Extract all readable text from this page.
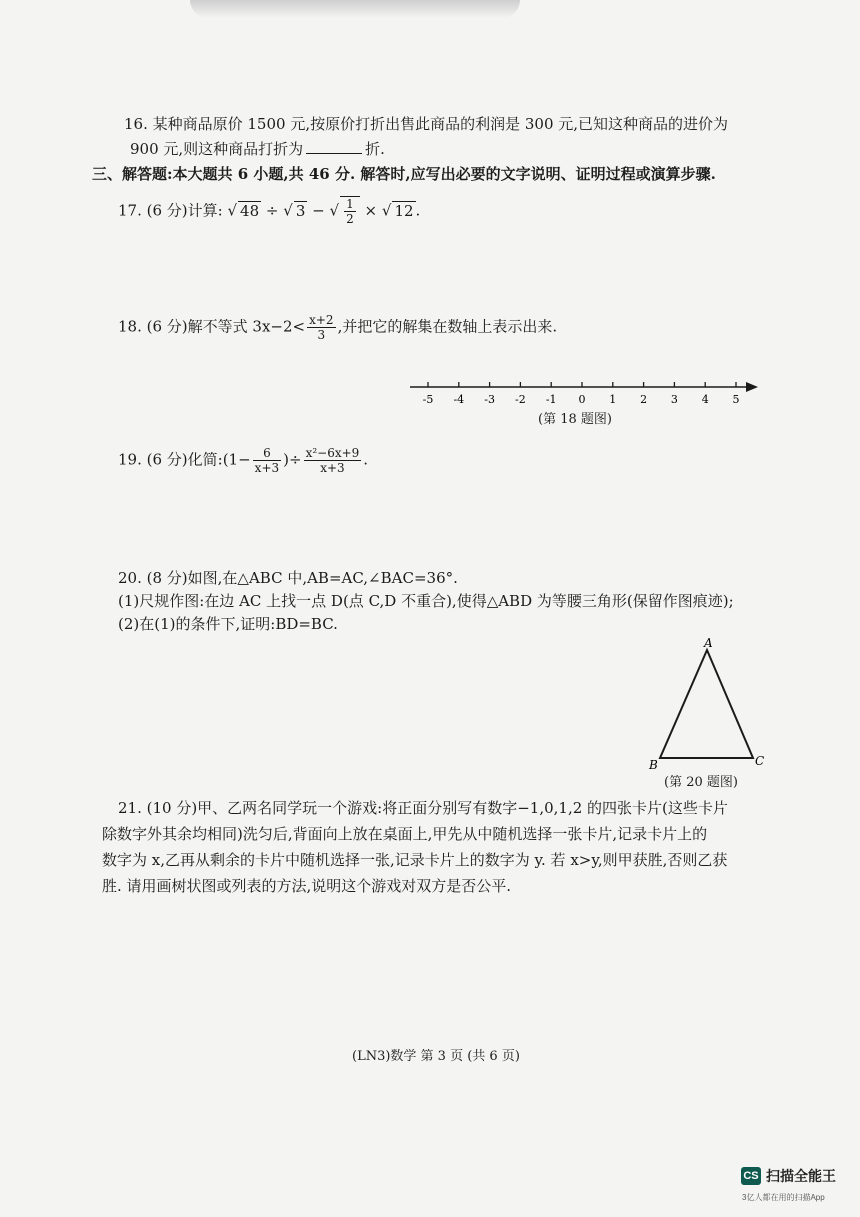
16. 某种商品原价 1500 元,按原价打折出售此商品的利润是 300 元,已知这种商品的进价为
900 元,则这种商品打折为	折.
三、解答题:本大题共 6 小题,共 46 分. 解答时,应写出必要的文字说明、证明过程或演算步骤.
17. (6 分)计算: √ 48 ÷ √ 3 − √ $\frac{1}{2}$ × √ 12 .
18. (6 分)解不等式 $3x-2< \frac{x+2}{3}$ ,并把它的解集在数轴上表示出来.
-5 -4 -3 -2 -1 0 1 2 3 4 5
(第 18 题图)
19. (6 分)化简:(1− $\frac{6}{x+3}$ )÷ $\frac{\text{x²−6x+9}}{x+3}$ .
20. (8 分)如图,在△ABC 中,AB=AC,∠BAC=36°.
(1)尺规作图:在边 AC 上找一点 D(点 C,D 不重合),使得△ABD 为等腰三角形(保留作图痕迹);
(2)在(1)的条件下,证明:BD=BC.
A
B	C
(第 20 题图)
21. (10 分)甲、乙两名同学玩一个游戏:将正面分别写有数字−1,0,1,2 的四张卡片(这些卡片
除数字外其余均相同)洗匀后,背面向上放在桌面上,甲先从中随机选择一张卡片,记录卡片上的
数字为 x,乙再从剩余的卡片中随机选择一张,记录卡片上的数字为 y. 若 x>y,则甲获胜,否则乙获
胜. 请用画树状图或列表的方法,说明这个游戏对双方是否公平.
(LN3)数学 第 3 页 (共 6 页)
CS 扫描全能王
3亿人都在用的扫描App
